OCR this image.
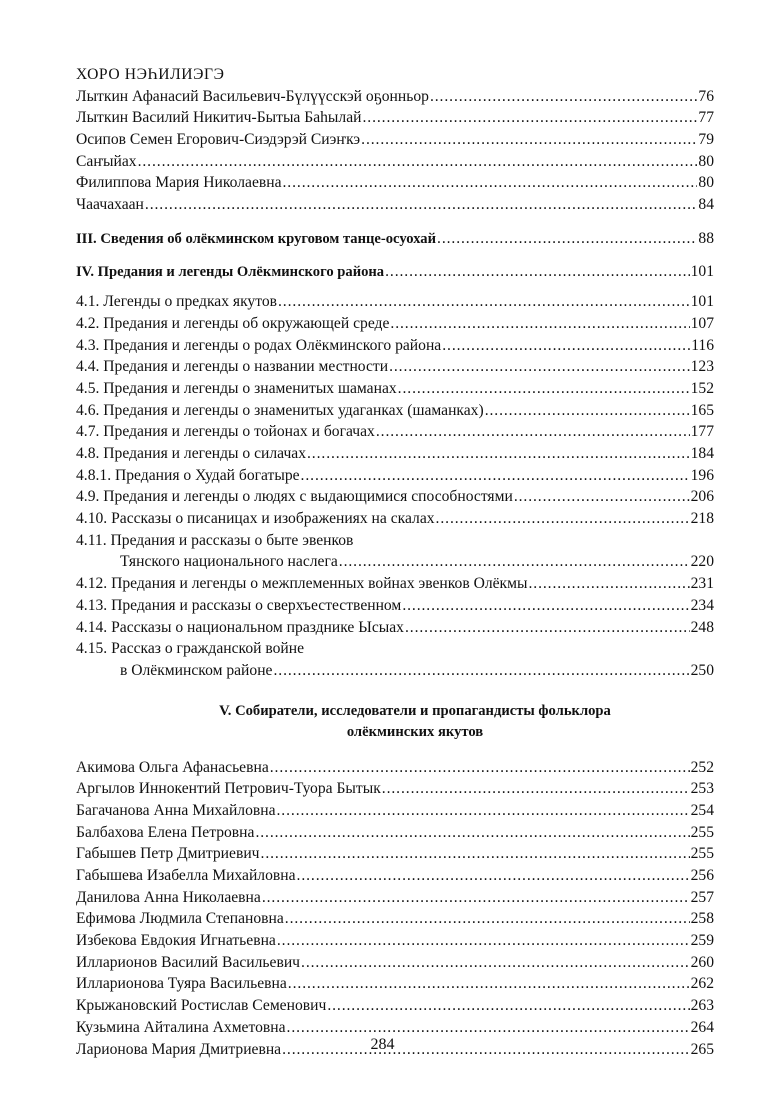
ХОРО НЭҺИЛИЭГЭ
Лыткин Афанасий Васильевич-Бүлүүсскэй оҕонньор .....	76
Лыткин Василий Никитич-Бытыа Баһылай .....	77
Осипов Семен Егорович-Сиэдэрэй Сиэҥкэ .....	79
Саҥыйах .....	80
Филиппова Мария Николаевна .....	80
Чаачахаан .....	84
III. Сведения об олёкминском круговом танце-осуохай .....	88
IV. Предания и легенды Олёкминского района .....	101
4.1. Легенды о предках якутов .....	101
4.2. Предания и легенды об окружающей среде .....	107
4.3. Предания и легенды о родах Олёкминского района .....	116
4.4. Предания и легенды о названии местности .....	123
4.5. Предания и легенды о знаменитых шаманах .....	152
4.6. Предания и легенды о знаменитых удаганках (шаманках) .....	165
4.7. Предания и легенды о тойонах и богачах .....	177
4.8. Предания и легенды о силачах .....	184
4.8.1. Предания о Худай богатыре .....	196
4.9. Предания и легенды о людях с выдающимися способностями .....	206
4.10. Рассказы о писаницах и изображениях на скалах .....	218
4.11. Предания и рассказы о быте эвенков
Тянского национального наслега .....	220
4.12. Предания и легенды о межплеменных войнах эвенков Олёкмы .....	231
4.13. Предания и рассказы о сверхъестественном .....	234
4.14. Рассказы о национальном празднике Ысыах .....	248
4.15. Рассказ о гражданской войне
в Олёкминском районе .....	250
V. Собиратели, исследователи и пропагандисты фольклора
олёкминских якутов
Акимова Ольга Афанасьевна .....	252
Аргылов Иннокентий Петрович-Туора Бытык .....	253
Багачанова Анна Михайловна .....	254
Балбахова Елена Петровна .....	255
Габышев Петр Дмитриевич .....	255
Габышева Изабелла Михайловна .....	256
Данилова Анна Николаевна .....	257
Ефимова Людмила Степановна .....	258
Избекова Евдокия Игнатьевна .....	259
Илларионов Василий Васильевич .....	260
Илларионова Туяра Васильевна .....	262
Крыжановский Ростислав Семенович .....	263
Кузьмина Айталина Ахметовна .....	264
Ларионова Мария Дмитриевна .....	265
284
